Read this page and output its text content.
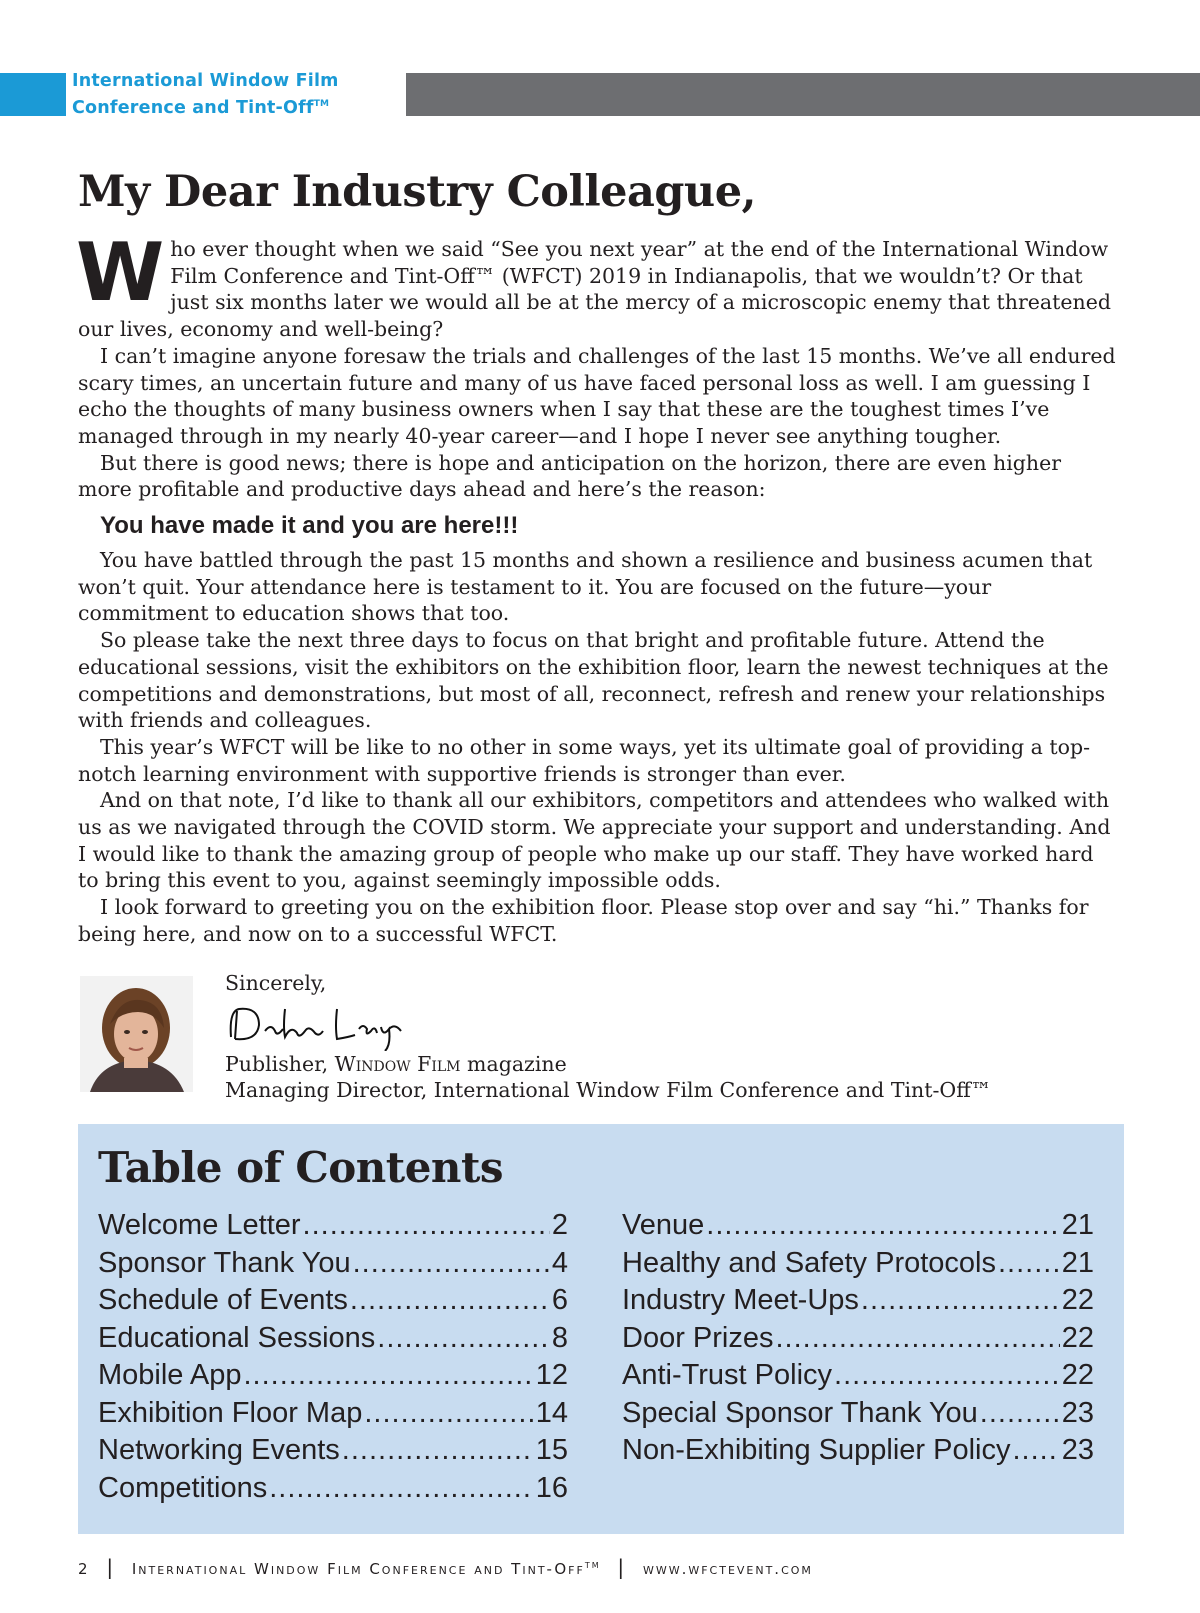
International Window Film
Conference and Tint-Off™
My Dear Industry Colleague,

Who ever thought when we said “See you next year” at the end of the International Window Film Conference and Tint-Off™ (WFCT) 2019 in Indianapolis, that we wouldn’t? Or that just six months later we would all be at the mercy of a microscopic enemy that threatened our lives, economy and well-being?

I can’t imagine anyone foresaw the trials and challenges of the last 15 months. We’ve all endured scary times, an uncertain future and many of us have faced personal loss as well. I am guessing I echo the thoughts of many business owners when I say that these are the toughest times I’ve managed through in my nearly 40-year career—and I hope I never see anything tougher.

But there is good news; there is hope and anticipation on the horizon, there are even higher more profitable and productive days ahead and here’s the reason:

You have made it and you are here!!!

You have battled through the past 15 months and shown a resilience and business acumen that won’t quit. Your attendance here is testament to it. You are focused on the future—your commitment to education shows that too.

So please take the next three days to focus on that bright and profitable future. Attend the educational sessions, visit the exhibitors on the exhibition floor, learn the newest techniques at the competitions and demonstrations, but most of all, reconnect, refresh and renew your relationships with friends and colleagues.

This year’s WFCT will be like to no other in some ways, yet its ultimate goal of providing a top-notch learning environment with supportive friends is stronger than ever.

And on that note, I’d like to thank all our exhibitors, competitors and attendees who walked with us as we navigated through the COVID storm. We appreciate your support and understanding. And I would like to thank the amazing group of people who make up our staff. They have worked hard to bring this event to you, against seemingly impossible odds.

I look forward to greeting you on the exhibition floor. Please stop over and say “hi.” Thanks for being here, and now on to a successful WFCT.

Sincerely,
Publisher, Window Film magazine
Managing Director, International Window Film Conference and Tint-Off™
Table of Contents
Welcome Letter .....	2
Sponsor Thank You .....	4
Schedule of Events .....	6
Educational Sessions .....	8
Mobile App .....	12
Exhibition Floor Map .....	14
Networking Events .....	15
Competitions .....	16
Venue .....	21
Healthy and Safety Protocols ..... 21
Industry Meet-Ups .....	22
Door Prizes .....	22
Anti-Trust Policy .....	22
Special Sponsor Thank You .....	23
Non-Exhibiting Supplier Policy ..... 23
2 | International Window Film Conference and Tint-Off™ | www.wfctevent.com
